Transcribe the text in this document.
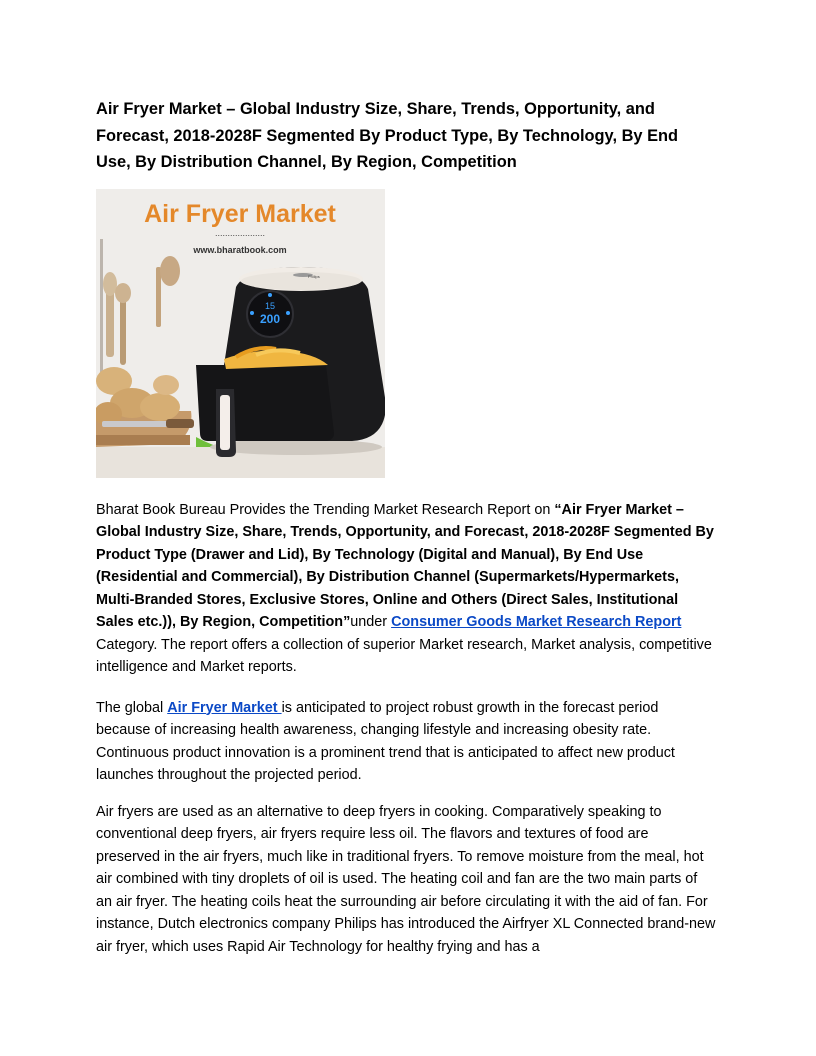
Air Fryer Market – Global Industry Size, Share, Trends, Opportunity, and Forecast, 2018-2028F Segmented By Product Type, By Technology, By End Use, By Distribution Channel, By Region, Competition
Air Fryer Market
....................
www.bharatbook.com
Philips
15
200

Bharat Book Bureau Provides the Trending Market Research Report on “Air Fryer Market – Global Industry Size, Share, Trends, Opportunity, and Forecast, 2018-2028F Segmented By Product Type (Drawer and Lid), By Technology (Digital and Manual), By End Use (Residential and Commercial), By Distribution Channel (Supermarkets/Hypermarkets, Multi-Branded Stores, Exclusive Stores, Online and Others (Direct Sales, Institutional Sales etc.)), By Region, Competition”under Consumer Goods Market Research Report Category. The report offers a collection of superior Market research, Market analysis, competitive intelligence and Market reports.

The global Air Fryer Market is anticipated to project robust growth in the forecast period because of increasing health awareness, changing lifestyle and increasing obesity rate. Continuous product innovation is a prominent trend that is anticipated to affect new product launches throughout the projected period.

Air fryers are used as an alternative to deep fryers in cooking. Comparatively speaking to conventional deep fryers, air fryers require less oil. The flavors and textures of food are preserved in the air fryers, much like in traditional fryers. To remove moisture from the meal, hot air combined with tiny droplets of oil is used. The heating coil and fan are the two main parts of an air fryer. The heating coils heat the surrounding air before circulating it with the aid of fan. For instance, Dutch electronics company Philips has introduced the Airfryer XL Connected brand-new air fryer, which uses Rapid Air Technology for healthy frying and has a
